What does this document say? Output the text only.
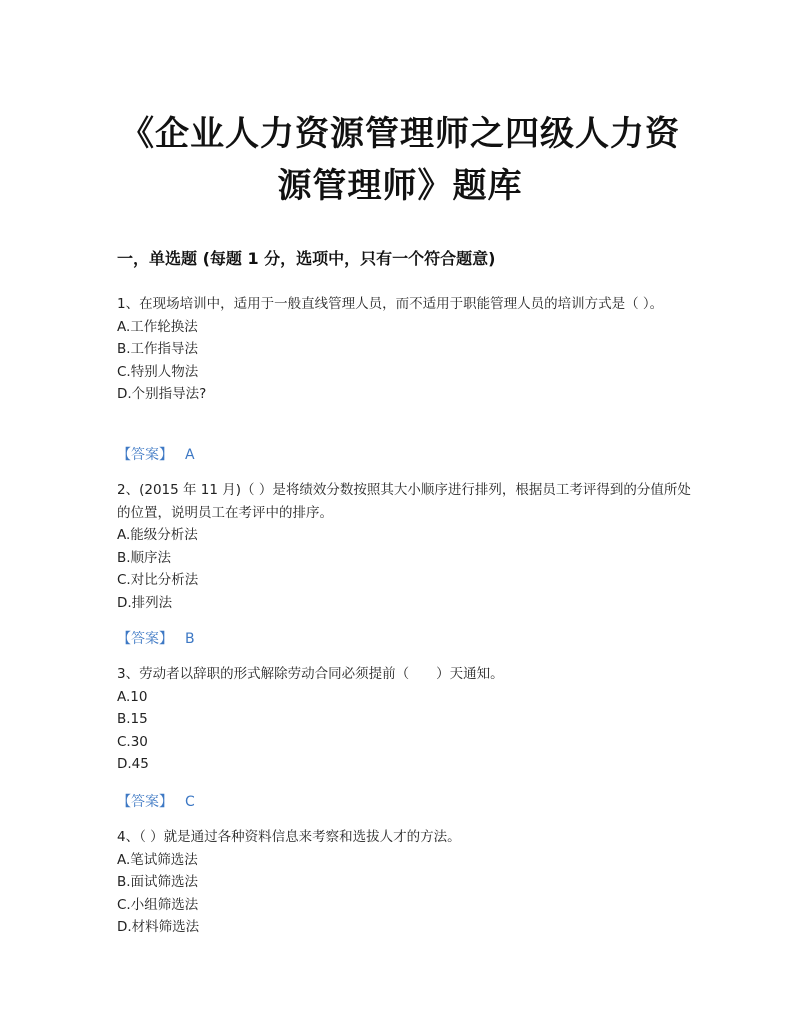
《企业人力资源管理师之四级人力资
源管理师》题库
一，单选题 (每题 1 分，选项中，只有一个符合题意)
1、在现场培训中，适用于一般直线管理人员，而不适用于职能管理人员的培训方式是（ ）。
A.工作轮换法
B.工作指导法
C.特别人物法
D.个别指导法?
【答案】 A
2、(2015 年 11 月)（ ）是将绩效分数按照其大小顺序进行排列，根据员工考评得到的分值所处的位置，说明员工在考评中的排序。
A.能级分析法
B.顺序法
C.对比分析法
D.排列法
【答案】 B
3、劳动者以辞职的形式解除劳动合同必须提前（　　）天通知。
A.10
B.15
C.30
D.45
【答案】 C
4、（ ）就是通过各种资料信息来考察和选拔人才的方法。
A.笔试筛选法
B.面试筛选法
C.小组筛选法
D.材料筛选法
